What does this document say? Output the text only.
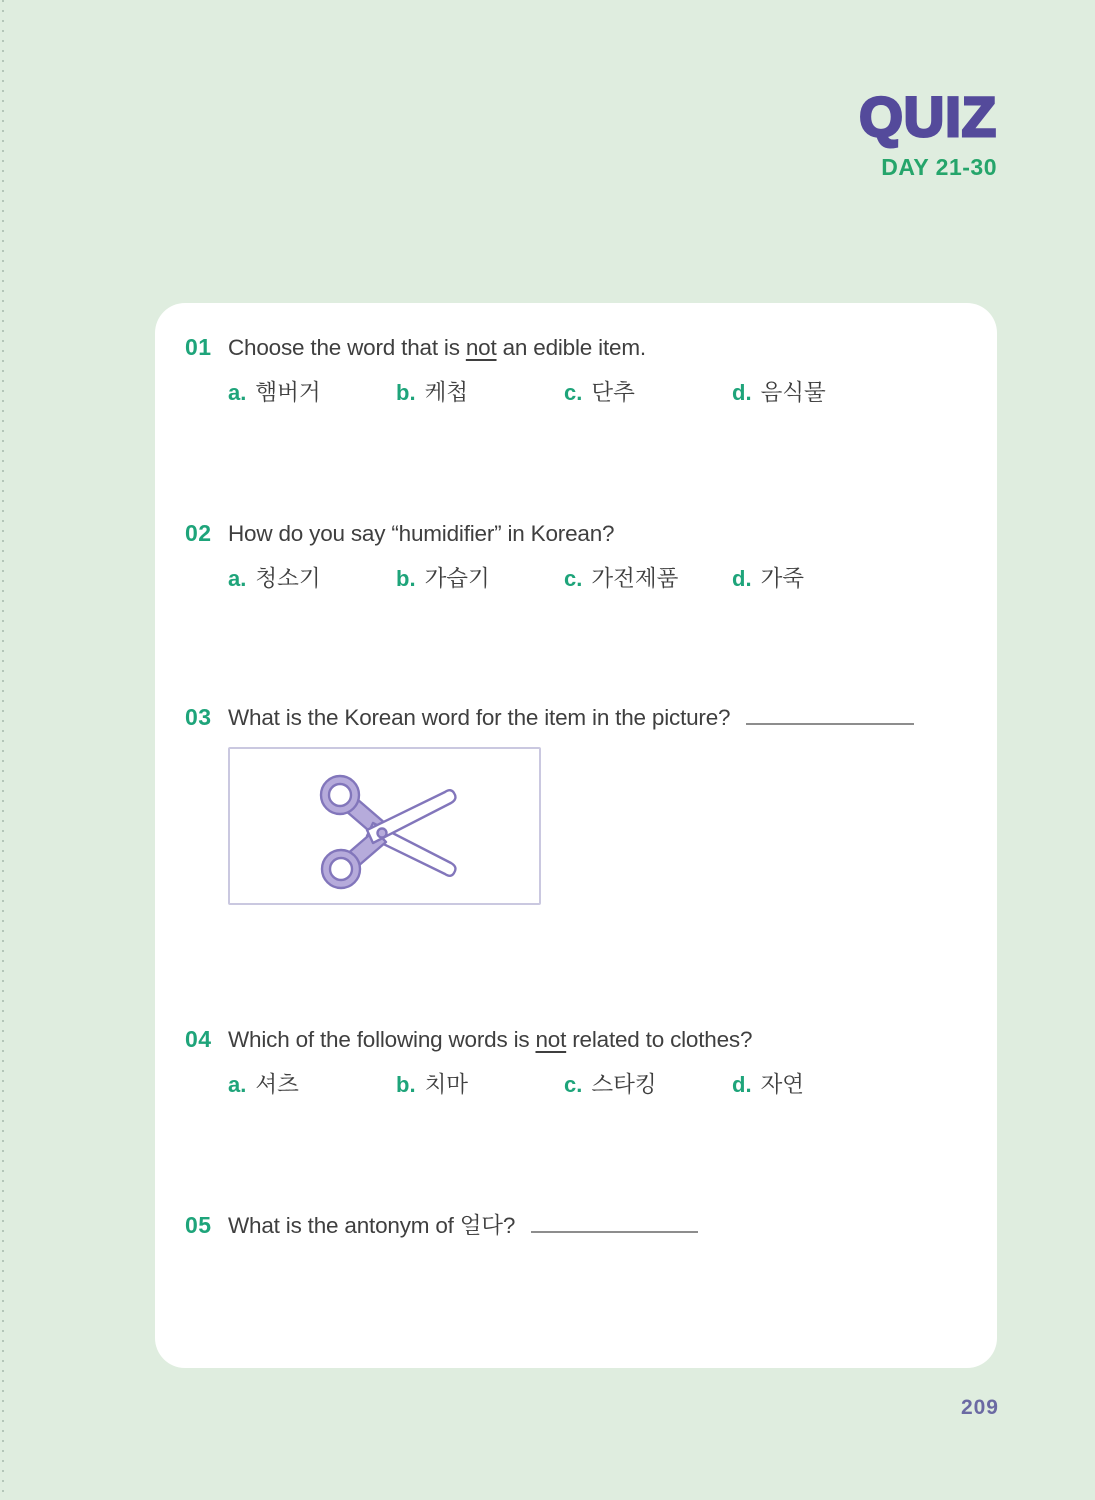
QUIZ
DAY 21-30
01 Choose the word that is not an edible item.
a. 햄버거	b. 케첩	c. 단추	d. 음식물
02 How do you say “humidifier” in Korean?
a. 청소기	b. 가습기	c. 가전제품 d. 가죽
03 What is the Korean word for the item in the picture?
04 Which of the following words is not related to clothes?
a. 셔츠	b. 치마	c. 스타킹	d. 자연
05 What is the antonym of 얼다?
209
